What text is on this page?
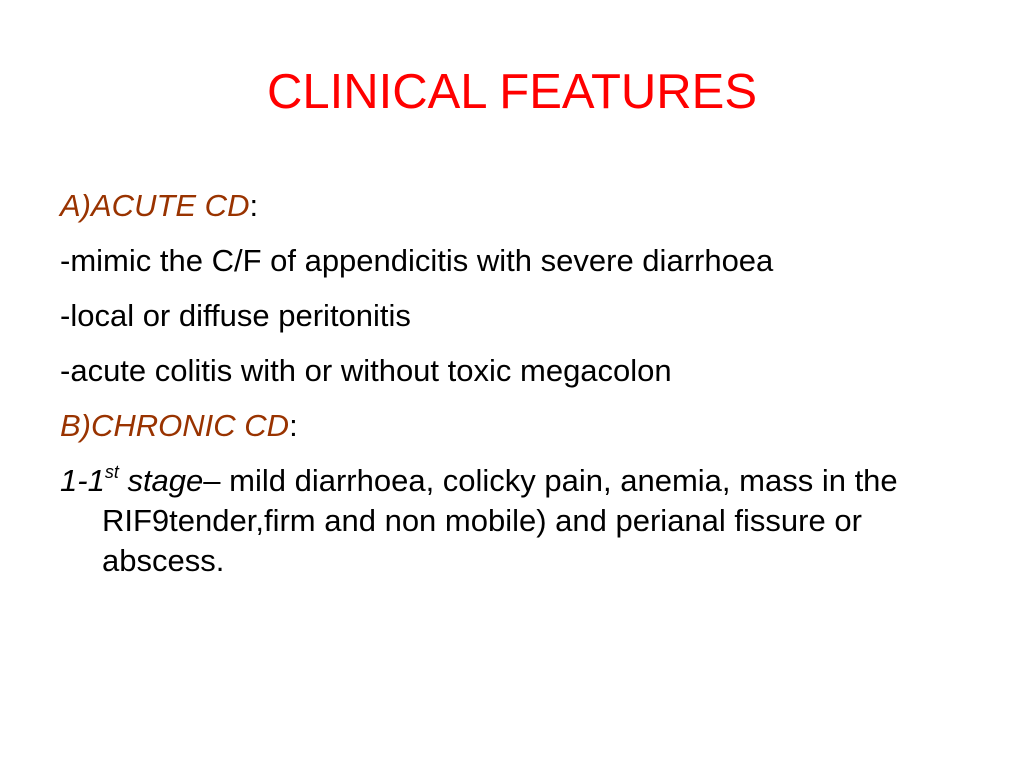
CLINICAL FEATURES

A)ACUTE CD:

-mimic the C/F of appendicitis with severe diarrhoea

-local or diffuse peritonitis

-acute colitis with or without toxic megacolon

B)CHRONIC CD:

1-1st stage– mild diarrhoea, colicky pain, anemia, mass in the RIF9tender,firm and non mobile) and perianal fissure or abscess.
